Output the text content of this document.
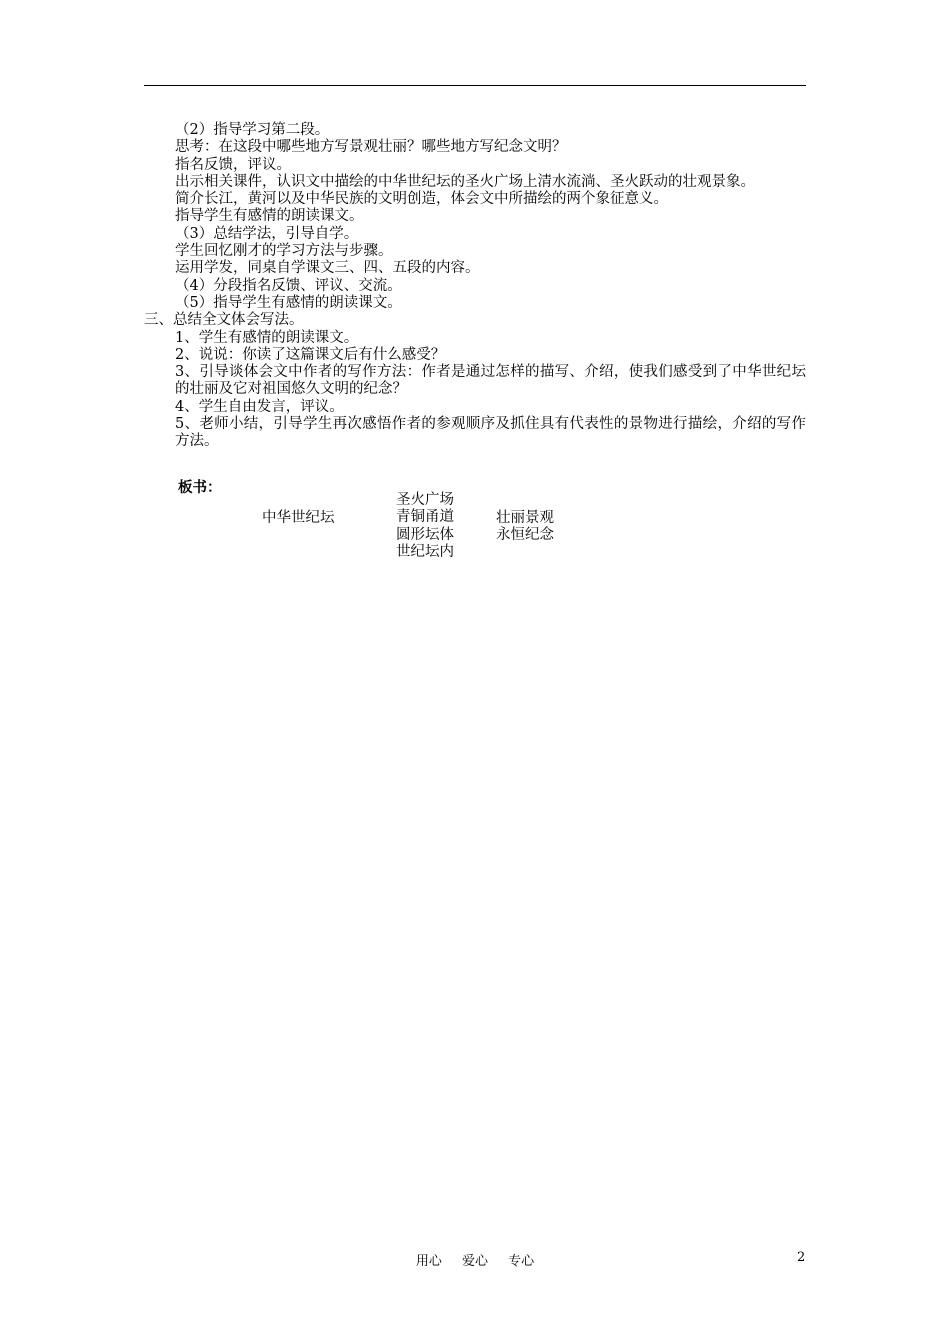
（2）指导学习第二段。
思考：在这段中哪些地方写景观壮丽？哪些地方写纪念文明？
指名反馈，评议。
出示相关课件，认识文中描绘的中华世纪坛的圣火广场上清水流淌、圣火跃动的壮观景象。
简介长江，黄河以及中华民族的文明创造，体会文中所描绘的两个象征意义。
指导学生有感情的朗读课文。
（3）总结学法，引导自学。
学生回忆刚才的学习方法与步骤。
运用学发，同桌自学课文三、四、五段的内容。
（4）分段指名反馈、评议、交流。
（5）指导学生有感情的朗读课文。
三、总结全文体会写法。
1、学生有感情的朗读课文。
2、说说：你读了这篇课文后有什么感受？
3、引导谈体会文中作者的写作方法：作者是通过怎样的描写、介绍，使我们感受到了中华世纪坛的壮丽及它对祖国悠久文明的纪念？
4、学生自由发言，评议。
5、老师小结，引导学生再次感悟作者的参观顺序及抓住具有代表性的景物进行描绘，介绍的写作方法。
板书：
中华世纪坛
圣火广场
青铜甬道
圆形坛体
世纪坛内
壮丽景观
永恒纪念
用心 爱心 专心	2
